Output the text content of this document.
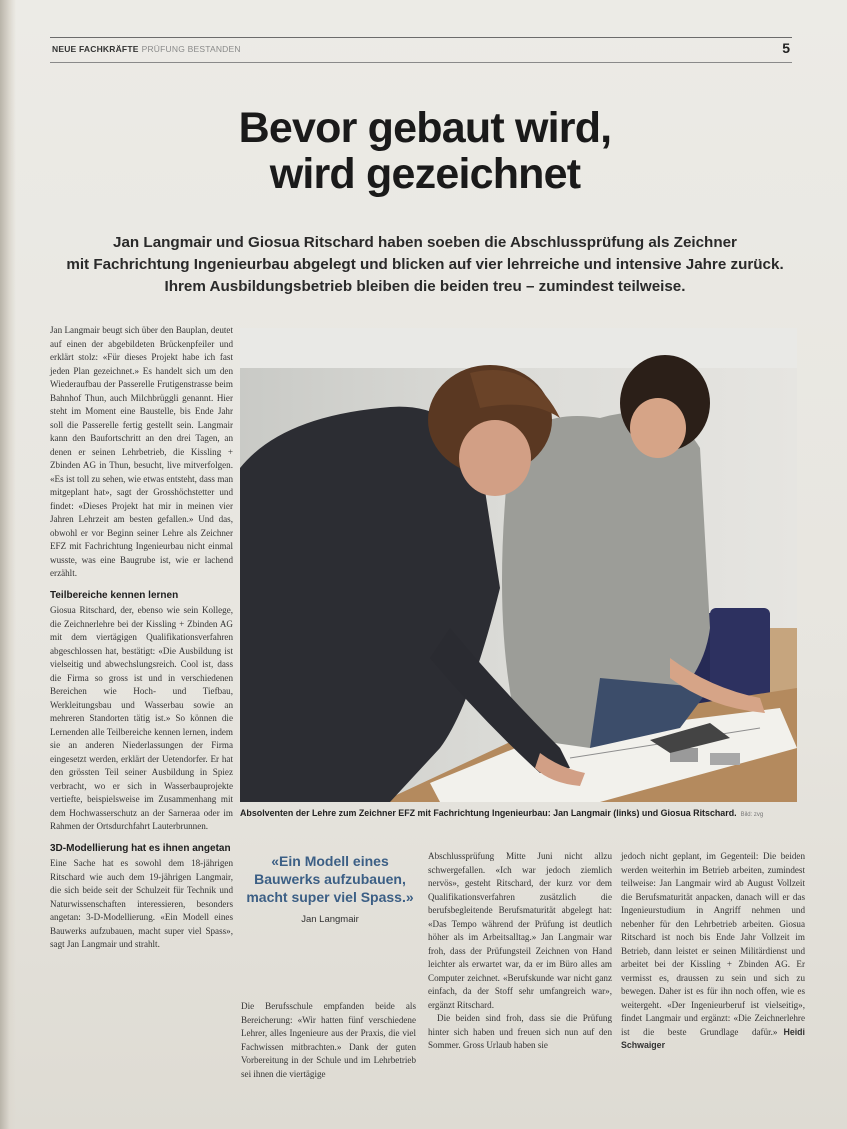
NEUE FACHKRÄFTE PRÜFUNG BESTANDEN	5
Bevor gebaut wird,
wird gezeichnet
Jan Langmair und Giosua Ritschard haben soeben die Abschlussprüfung als Zeichner
mit Fachrichtung Ingenieurbau abgelegt und blicken auf vier lehrreiche und intensive Jahre zurück.
Ihrem Ausbildungsbetrieb bleiben die beiden treu – zumindest teilweise.

Jan Langmair beugt sich über den Bauplan, deutet auf einen der abgebildeten Brückenpfeiler und erklärt stolz: «Für dieses Projekt habe ich fast jeden Plan gezeichnet.» Es handelt sich um den Wiederaufbau der Passerelle Frutigenstrasse beim Bahnhof Thun, auch Milchbrüggli genannt. Hier steht im Moment eine Baustelle, bis Ende Jahr soll die Passerelle fertig gestellt sein. Langmair kann den Baufortschritt an den drei Tagen, an denen er seinen Lehrbetrieb, die Kissling + Zbinden AG in Thun, besucht, live mitverfolgen. «Es ist toll zu sehen, wie etwas entsteht, dass man mitgeplant hat», sagt der Grosshöchstetter und findet: «Dieses Projekt hat mir in meinen vier Jahren Lehrzeit am besten gefallen.» Und das, obwohl er vor Beginn seiner Lehre als Zeichner EFZ mit Fachrichtung Ingenieurbau nicht einmal wusste, was eine Baugrube ist, wie er lachend erzählt.

Teilbereiche kennen lernen

Giosua Ritschard, der, ebenso wie sein Kollege, die Zeichnerlehre bei der Kissling + Zbinden AG mit dem viertägigen Qualifikationsverfahren abgeschlossen hat, bestätigt: «Die Ausbildung ist vielseitig und abwechslungsreich. Cool ist, dass die Firma so gross ist und in verschiedenen Bereichen wie Hoch- und Tiefbau, Werkleitungsbau und Wasserbau sowie an mehreren Standorten tätig ist.» So können die Lernenden alle Teilbereiche kennen lernen, indem sie an anderen Niederlassungen der Firma eingesetzt werden, erklärt der Uetendorfer. Er hat den grössten Teil seiner Ausbildung in Spiez verbracht, wo er sich in Wasserbauprojekte vertiefte, beispielsweise im Zusammenhang mit dem Hochwasserschutz an der Sarneraa oder im Rahmen der Ortsdurchfahrt Lauterbrunnen.

3D-Modellierung hat es ihnen angetan

Eine Sache hat es sowohl dem 18-jährigen Ritschard wie auch dem 19-jährigen Langmair, die sich beide seit der Schulzeit für Technik und Naturwissenschaften interessieren, besonders angetan: 3-D-Modellierung. «Ein Modell eines Bauwerks aufzubauen, macht super viel Spass», sagt Jan Langmair und strahlt.

Absolventen der Lehre zum Zeichner EFZ mit Fachrichtung Ingenieurbau: Jan Langmair (links) und Giosua Ritschard. Bild: zvg
«Ein Modell eines Bauwerks aufzubauen, macht super viel Spass.»
Jan Langmair

Die Berufsschule empfanden beide als Bereicherung: «Wir hatten fünf verschiedene Lehrer, alles Ingenieure aus der Praxis, die viel Fachwissen mitbrachten.» Dank der guten Vorbereitung in der Schule und im Lehrbetrieb sei ihnen die viertägige

Abschlussprüfung Mitte Juni nicht allzu schwergefallen. «Ich war jedoch ziemlich nervös», gesteht Ritschard, der kurz vor dem Qualifikationsverfahren zusätzlich die berufsbegleitende Berufsmaturität abgelegt hat: «Das Tempo während der Prüfung ist deutlich höher als im Arbeitsalltag.» Jan Langmair war froh, dass der Prüfungsteil Zeichnen von Hand leichter als erwartet war, da er im Büro alles am Computer zeichnet. «Berufskunde war nicht ganz einfach, da der Stoff sehr umfangreich war», ergänzt Ritschard.

Die beiden sind froh, dass sie die Prüfung hinter sich haben und freuen sich nun auf den Sommer. Gross Urlaub haben sie

jedoch nicht geplant, im Gegenteil: Die beiden werden weiterhin im Betrieb arbeiten, zumindest teilweise: Jan Langmair wird ab August Vollzeit die Berufsmaturität anpacken, danach will er das Ingenieurstudium in Angriff nehmen und nebenher für den Lehrbetrieb arbeiten. Giosua Ritschard ist noch bis Ende Jahr Vollzeit im Betrieb, dann leistet er seinen Militärdienst und arbeitet bei der Kissling + Zbinden AG. Er vermisst es, draussen zu sein und sich zu bewegen. Daher ist es für ihn noch offen, wie es weitergeht. «Der Ingenieurberuf ist vielseitig», findet Langmair und ergänzt: «Die Zeichnerlehre ist die beste Grundlage dafür.» Heidi Schwaiger
